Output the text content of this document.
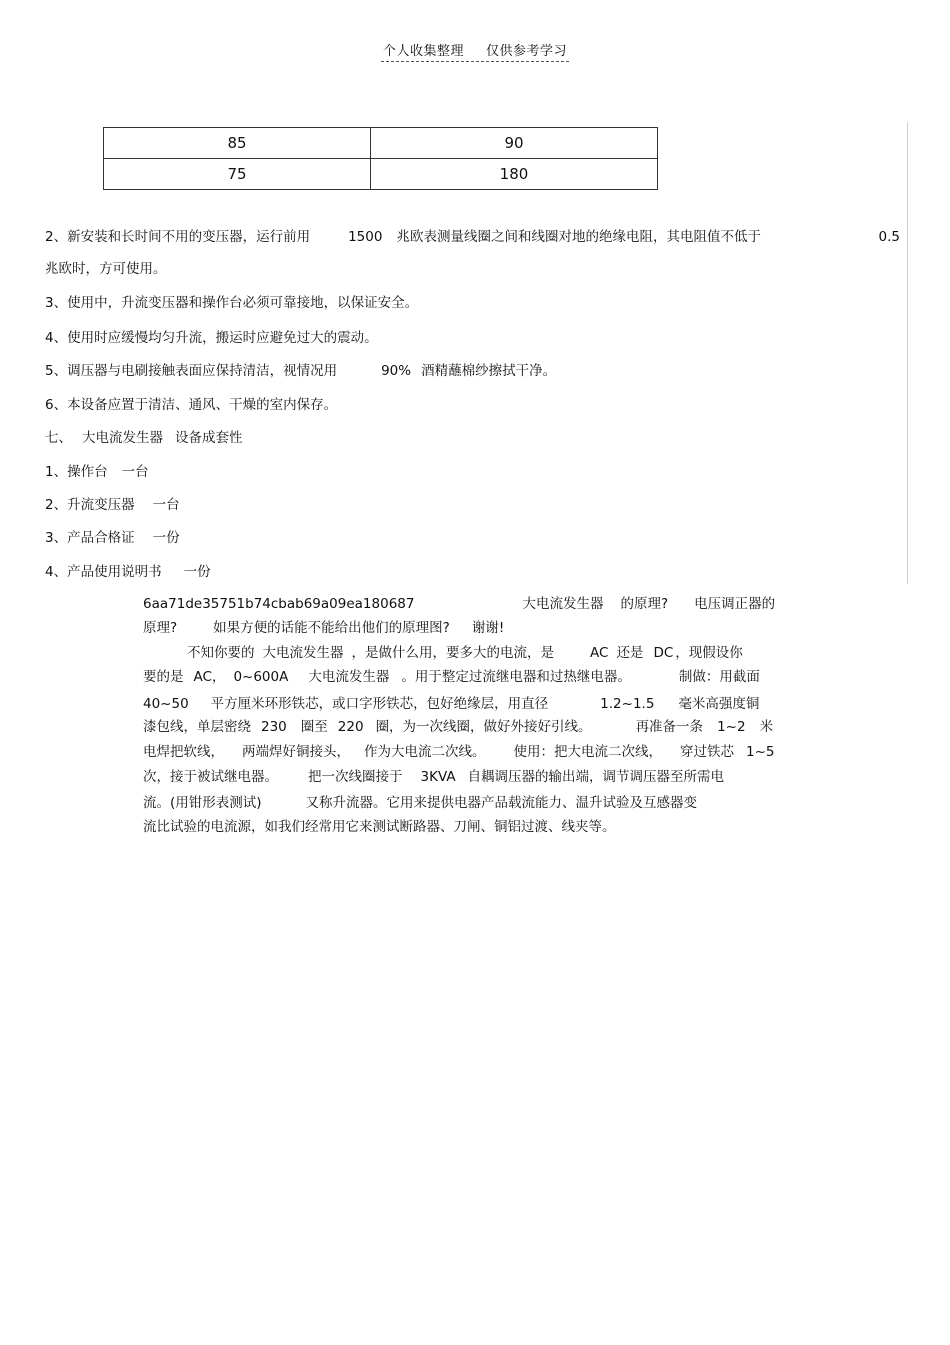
个人收集整理 仅供参考学习
85	90
75	180
2、新安装和长时间不用的变压器，运行前用	1500 兆欧表测量线圈之间和线圈对地的绝缘电阻，其电阻值不低于	0.5
兆欧时，方可使用。
3、使用中，升流变压器和操作台必须可靠接地，以保证安全。
4、使用时应缓慢均匀升流，搬运时应避免过大的震动。
5、调压器与电刷接触表面应保持清洁，视情况用	90% 酒精蘸棉纱擦拭干净。
6、本设备应置于清洁、通风、干燥的室内保存。
七、 大电流发生器 设备成套性
1、操作台 一台
2、升流变压器 一台
3、产品合格证 一份
4、产品使用说明书 一份
6aa71de35751b74cbab69a09ea180687	大电流发生器 的原理? 电压调正器的
原理?	如果方便的话能不能给出他们的原理图? 谢谢!
不知你要的 大电流发生器 ，是做什么用，要多大的电流，是	AC 还是 DC ，现假设你
要的是 AC， 0~600A 大电流发生器 。用于整定过流继电器和过热继电器。	制做：用截面
40~50 平方厘米环形铁芯，或口字形铁芯，包好绝缘层，用直径	1.2~1.5 毫米高强度铜
漆包线，单层密绕 230 圈至 220 圈，为一次线圈，做好外接好引线。	再准备一条 1~2 米
电焊把软线， 两端焊好铜接头， 作为大电流二次线。 使用：把大电流二次线， 穿过铁芯 1~5
次，接于被试继电器。 把一次线圈接于 3KVA 自耦调压器的输出端，调节调压器至所需电
流。(用钳形表测试)	又称升流器。它用来提供电器产品载流能力、温升试验及互感器变
流比试验的电流源，如我们经常用它来测试断路器、刀闸、铜铝过渡、线夹等。
